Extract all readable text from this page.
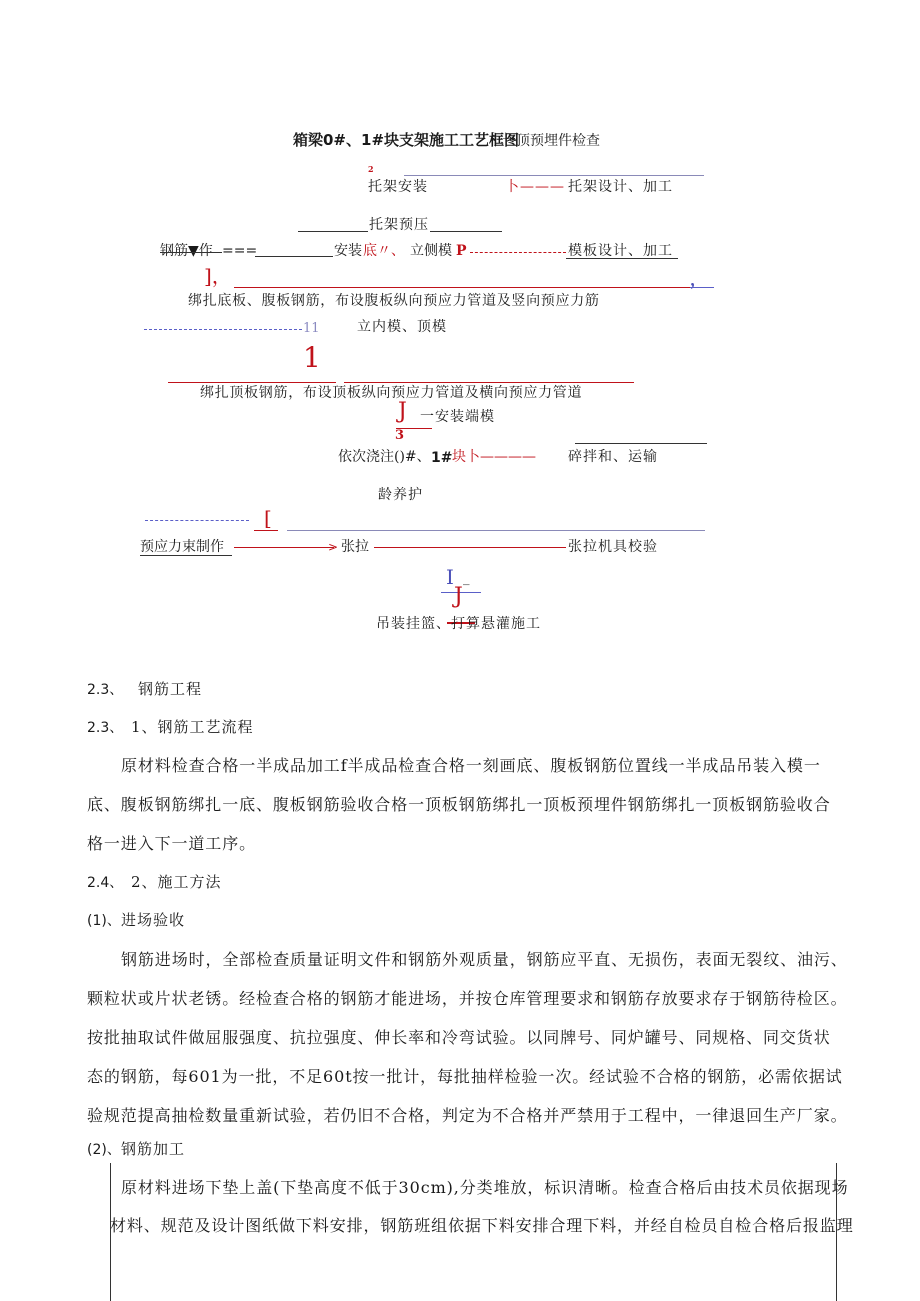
箱梁0#、1#块支架施工工艺框图
一顶预埋件检查
2
托架安装	卜——— 托架设计、加工
托架预压
钢筋▼作 ===	安装 底〃、 立侧模 P	模板设计、加工
]，	，
绑扎底板、腹板钢筋，布设腹板纵向预应力管道及竖向预应力筋
11	立内模、顶模
1
绑扎顶板钢筋，布设顶板纵向预应力管道及横向预应力管道
J 一安装端模
3
依次浇注()#、 1# 块卜———— 碎拌和、运输
龄养护
[
预应力束制作	> 张拉	张拉机具校验
I _
J
吊装挂篮、打算悬灌施工
2.3、 钢筋工程
2.3、 1、钢筋工艺流程
原材料检查合格一半成品加工f半成品检查合格一刻画底、腹板钢筋位置线一半成品吊装入模一
底、腹板钢筋绑扎一底、腹板钢筋验收合格一顶板钢筋绑扎一顶板预埋件钢筋绑扎一顶板钢筋验收合
格一进入下一道工序。
2.4、 2、施工方法
(1)、 进场验收
钢筋进场时，全部检查质量证明文件和钢筋外观质量，钢筋应平直、无损伤，表面无裂纹、油污、
颗粒状或片状老锈。经检查合格的钢筋才能进场，并按仓库管理要求和钢筋存放要求存于钢筋待检区。
按批抽取试件做屈服强度、抗拉强度、伸长率和冷弯试验。以同牌号、同炉罐号、同规格、同交货状
态的钢筋，每601为一批，不足60t按一批计，每批抽样检验一次。经试验不合格的钢筋，必需依据试
验规范提高抽检数量重新试验，若仍旧不合格，判定为不合格并严禁用于工程中，一律退回生产厂家。
(2)、 钢筋加工
原材料进场下垫上盖(下垫高度不低于30cm),分类堆放，标识清晰。检查合格后由技术员依据现场
材料、规范及设计图纸做下料安排，钢筋班组依据下料安排合理下料，并经自检员自检合格后报监理
